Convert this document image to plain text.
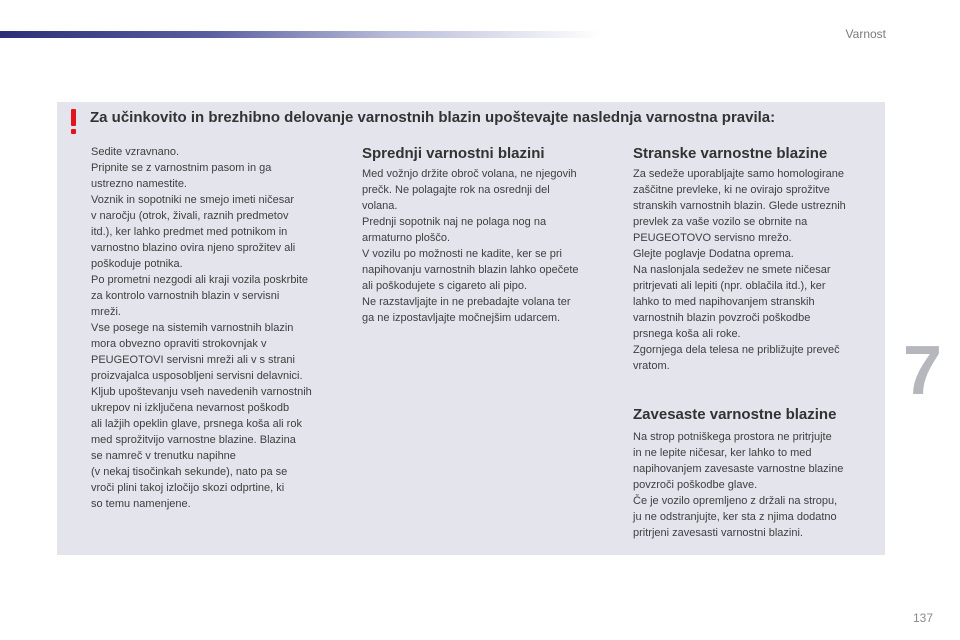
Varnost
7
137
Za učinkovito in brezhibno delovanje varnostnih blazin upoštevajte naslednja varnostna pravila:

Sedite vzravnano.

Pripnite se z varnostnim pasom in ga

ustrezno namestite.

Voznik in sopotniki ne smejo imeti ničesar

v naročju (otrok, živali, raznih predmetov

itd.), ker lahko predmet med potnikom in

varnostno blazino ovira njeno sprožitev ali

poškoduje potnika.

Po prometni nezgodi ali kraji vozila poskrbite

za kontrolo varnostnih blazin v servisni

mreži.

Vse posege na sistemih varnostnih blazin

mora obvezno opraviti strokovnjak v

PEUGEOTOVI servisni mreži ali v s strani

proizvajalca usposobljeni servisni delavnici.

Kljub upoštevanju vseh navedenih varnostnih

ukrepov ni izključena nevarnost poškodb

ali lažjih opeklin glave, prsnega koša ali rok

med sprožitvijo varnostne blazine. Blazina

se namreč v trenutku napihne

(v nekaj tisočinkah sekunde), nato pa se

vroči plini takoj izločijo skozi odprtine, ki

so temu namenjene.

Sprednji varnostni blazini

Med vožnjo držite obroč volana, ne njegovih

prečk. Ne polagajte rok na osrednji del

volana.

Prednji sopotnik naj ne polaga nog na

armaturno ploščo.

V vozilu po možnosti ne kadite, ker se pri

napihovanju varnostnih blazin lahko opečete

ali poškodujete s cigareto ali pipo.

Ne razstavljajte in ne prebadajte volana ter

ga ne izpostavljajte močnejšim udarcem.

Stranske varnostne blazine

Za sedeže uporabljajte samo homologirane

zaščitne prevleke, ki ne ovirajo sprožitve

stranskih varnostnih blazin. Glede ustreznih

prevlek za vaše vozilo se obrnite na

PEUGEOTOVO servisno mrežo.

Glejte poglavje Dodatna oprema.

Na naslonjala sedežev ne smete ničesar

pritrjevati ali lepiti (npr. oblačila itd.), ker

lahko to med napihovanjem stranskih

varnostnih blazin povzroči poškodbe

prsnega koša ali roke.

Zgornjega dela telesa ne približujte preveč

vratom.

Zavesaste varnostne blazine

Na strop potniškega prostora ne pritrjujte

in ne lepite ničesar, ker lahko to med

napihovanjem zavesaste varnostne blazine

povzroči poškodbe glave.

Če je vozilo opremljeno z držali na stropu,

ju ne odstranjujte, ker sta z njima dodatno

pritrjeni zavesasti varnostni blazini.
